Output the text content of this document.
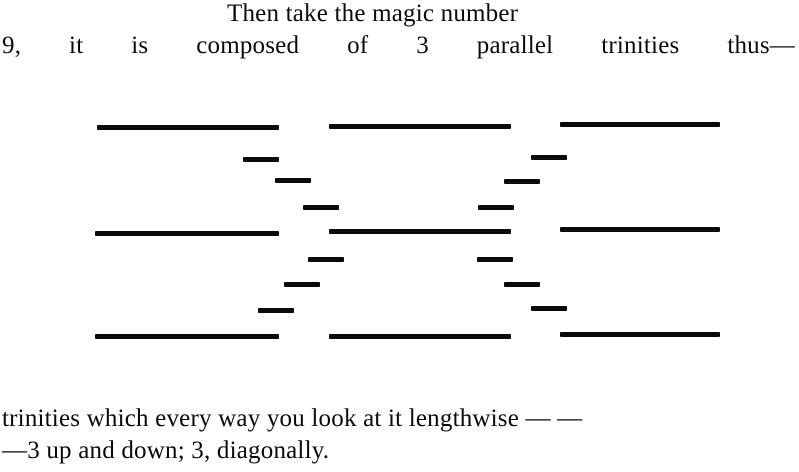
Then take the magic number
9, it is composed of 3 parallel trinities thus—
trinities which every way you look at it lengthwise — —
—3 up and down; 3, diagonally.
